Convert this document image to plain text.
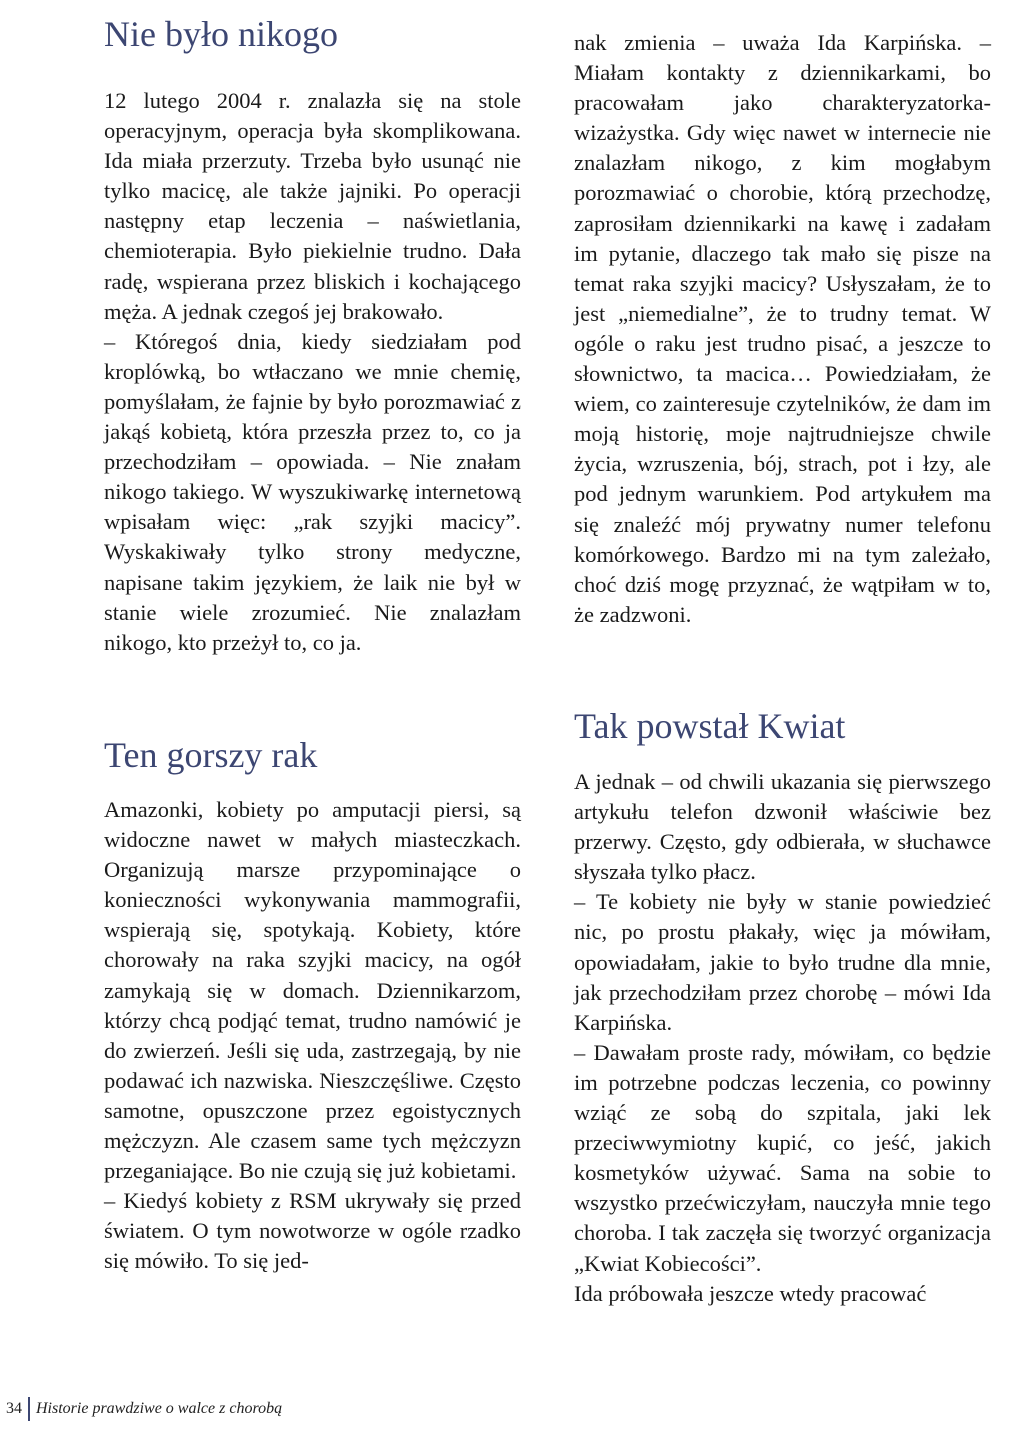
Nie było nikogo
12 lutego 2004 r. znalazła się na stole operacyjnym, operacja była skomplikowana. Ida miała przerzuty. Trzeba było usunąć nie tylko macicę, ale także jajniki. Po operacji następny etap leczenia – naświetlania, chemioterapia. Było piekielnie trudno. Dała radę, wspierana przez bliskich i kochającego męża. A jednak czegoś jej brakowało.
– Któregoś dnia, kiedy siedziałam pod kroplówką, bo wtłaczano we mnie chemię, pomyślałam, że fajnie by było porozmawiać z jakąś kobietą, która przeszła przez to, co ja przechodziłam – opowiada. – Nie znałam nikogo takiego. W wyszukiwarkę internetową wpisałam więc: „rak szyjki macicy”. Wyskakiwały tylko strony medyczne, napisane takim językiem, że laik nie był w stanie wiele zrozumieć. Nie znalazłam nikogo, kto przeżył to, co ja.
Ten gorszy rak
Amazonki, kobiety po amputacji piersi, są widoczne nawet w małych miasteczkach. Organizują marsze przypominające o konieczności wykonywania mammografii, wspierają się, spotykają. Kobiety, które chorowały na raka szyjki macicy, na ogół zamykają się w domach. Dziennikarzom, którzy chcą podjąć temat, trudno namówić je do zwierzeń. Jeśli się uda, zastrzegają, by nie podawać ich nazwiska. Nieszczęśliwe. Często samotne, opuszczone przez egoistycznych mężczyzn. Ale czasem same tych mężczyzn przeganiające. Bo nie czują się już kobietami.
– Kiedyś kobiety z RSM ukrywały się przed światem. O tym nowotworze w ogóle rzadko się mówiło. To się jed-
nak zmienia – uważa Ida Karpińska. – Miałam kontakty z dziennikarkami, bo pracowałam jako charakteryzatorka-wizażystka. Gdy więc nawet w internecie nie znalazłam nikogo, z kim mogłabym porozmawiać o chorobie, którą przechodzę, zaprosiłam dziennikarki na kawę i zadałam im pytanie, dlaczego tak mało się pisze na temat raka szyjki macicy? Usłyszałam, że to jest „niemedialne”, że to trudny temat. W ogóle o raku jest trudno pisać, a jeszcze to słownictwo, ta macica… Powiedziałam, że wiem, co zainteresuje czytelników, że dam im moją historię, moje najtrudniejsze chwile życia, wzruszenia, bój, strach, pot i łzy, ale pod jednym warunkiem. Pod artykułem ma się znaleźć mój prywatny numer telefonu komórkowego. Bardzo mi na tym zależało, choć dziś mogę przyznać, że wątpiłam w to, że zadzwoni.
Tak powstał Kwiat
A jednak – od chwili ukazania się pierwszego artykułu telefon dzwonił właściwie bez przerwy. Często, gdy odbierała, w słuchawce słyszała tylko płacz.
– Te kobiety nie były w stanie powiedzieć nic, po prostu płakały, więc ja mówiłam, opowiadałam, jakie to było trudne dla mnie, jak przechodziłam przez chorobę – mówi Ida Karpińska.
– Dawałam proste rady, mówiłam, co będzie im potrzebne podczas leczenia, co powinny wziąć ze sobą do szpitala, jaki lek przeciwwymiotny kupić, co jeść, jakich kosmetyków używać. Sama na sobie to wszystko przećwiczyłam, nauczyła mnie tego choroba. I tak zaczęła się tworzyć organizacja „Kwiat Kobiecości”.
Ida próbowała jeszcze wtedy pracować
34 Historie prawdziwe o walce z chorobą
